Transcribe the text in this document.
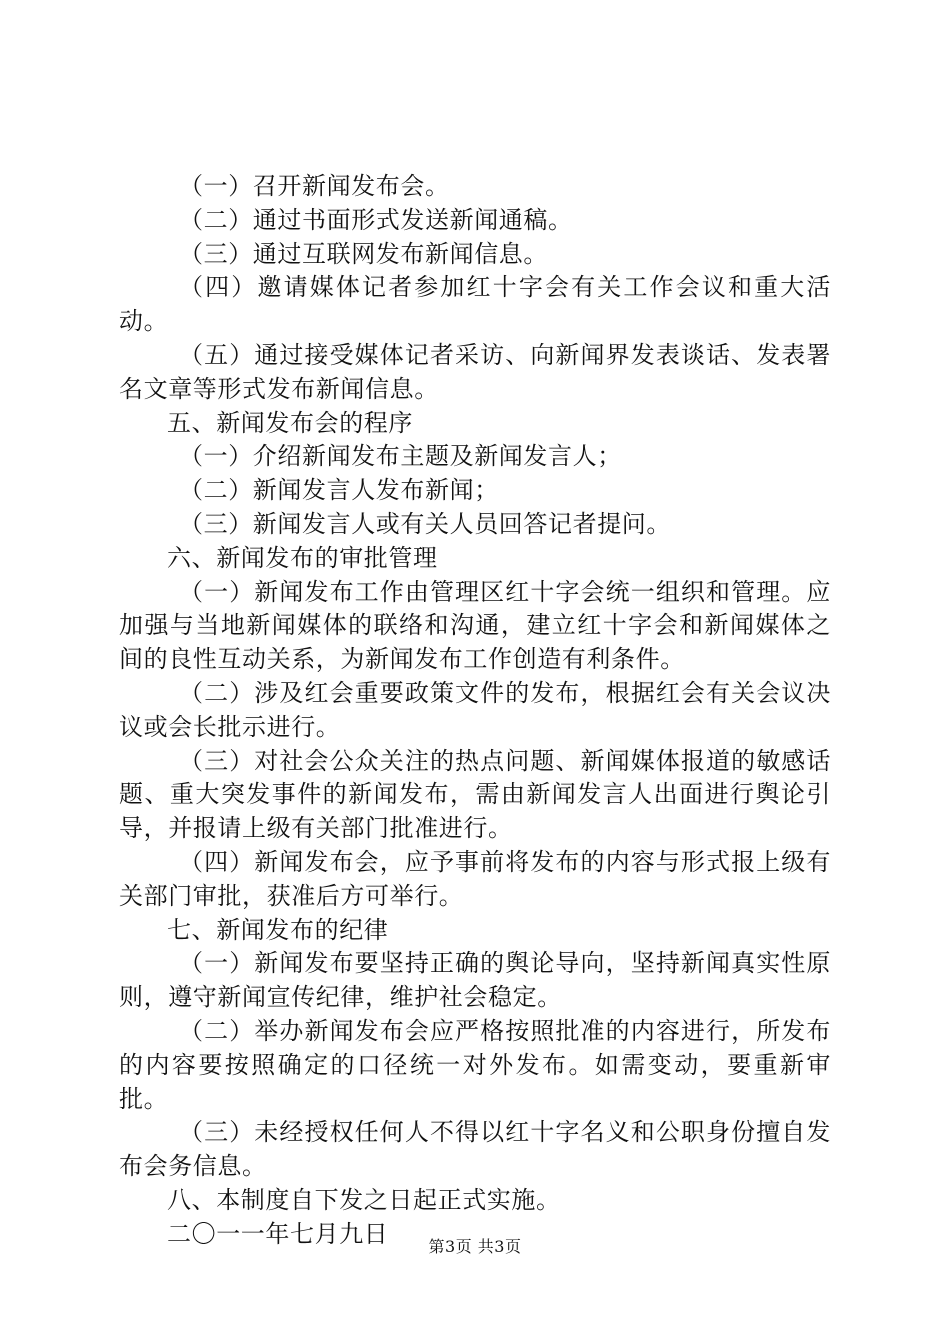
（一）召开新闻发布会。

（二）通过书面形式发送新闻通稿。

（三）通过互联网发布新闻信息。

（四）邀请媒体记者参加红十字会有关工作会议和重大活动。

（五）通过接受媒体记者采访、向新闻界发表谈话、发表署名文章等形式发布新闻信息。

五、新闻发布会的程序

（一）介绍新闻发布主题及新闻发言人；

（二）新闻发言人发布新闻；

（三）新闻发言人或有关人员回答记者提问。

六、新闻发布的审批管理

（一）新闻发布工作由管理区红十字会统一组织和管理。应加强与当地新闻媒体的联络和沟通，建立红十字会和新闻媒体之间的良性互动关系，为新闻发布工作创造有利条件。

（二）涉及红会重要政策文件的发布，根据红会有关会议决议或会长批示进行。

（三）对社会公众关注的热点问题、新闻媒体报道的敏感话题、重大突发事件的新闻发布，需由新闻发言人出面进行舆论引导，并报请上级有关部门批准进行。

（四）新闻发布会，应予事前将发布的内容与形式报上级有关部门审批，获准后方可举行。

七、新闻发布的纪律

（一）新闻发布要坚持正确的舆论导向，坚持新闻真实性原则，遵守新闻宣传纪律，维护社会稳定。

（二）举办新闻发布会应严格按照批准的内容进行，所发布的内容要按照确定的口径统一对外发布。如需变动，要重新审批。

（三）未经授权任何人不得以红十字名义和公职身份擅自发布会务信息。

八、本制度自下发之日起正式实施。

二〇一一年七月九日	第3页 共3页
